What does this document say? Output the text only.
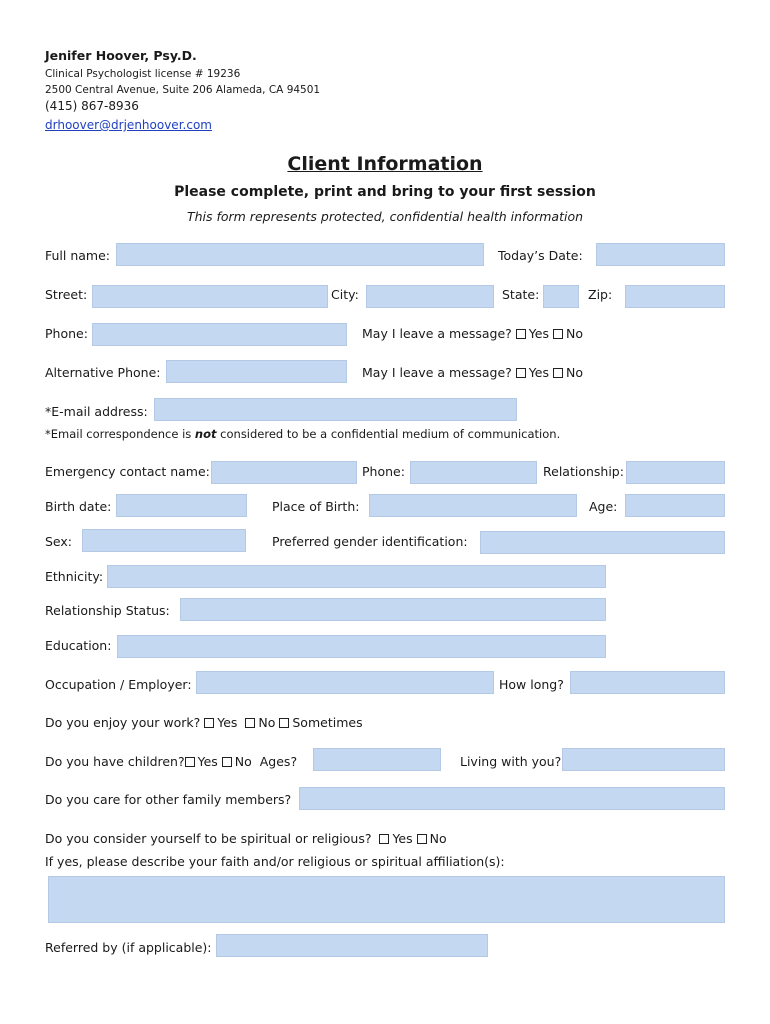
Jenifer Hoover, Psy.D.
Clinical Psychologist license # 19236
2500 Central Avenue, Suite 206 Alameda, CA 94501
(415) 867-8936
drhoover@drjenhoover.com
Client Information
Please complete, print and bring to your first session
This form represents protected, confidential health information
Full name:	Today’s Date:
Street:	City:	State:	Zip:
Phone:	May I leave a message? Yes No
Alternative Phone:	May I leave a message? Yes No
*E-mail address:
*Email correspondence is not considered to be a confidential medium of communication.
Emergency contact name:	Phone:	Relationship:
Birth date:	Place of Birth:	Age:
Sex:	Preferred gender identification:
Ethnicity:
Relationship Status:
Education:
Occupation / Employer:	How long?
Do you enjoy your work? Yes No Sometimes
Do you have children? Yes No Ages?	Living with you?
Do you care for other family members?
Do you consider yourself to be spiritual or religious? Yes No
If yes, please describe your faith and/or religious or spiritual affiliation(s):
Referred by (if applicable):
